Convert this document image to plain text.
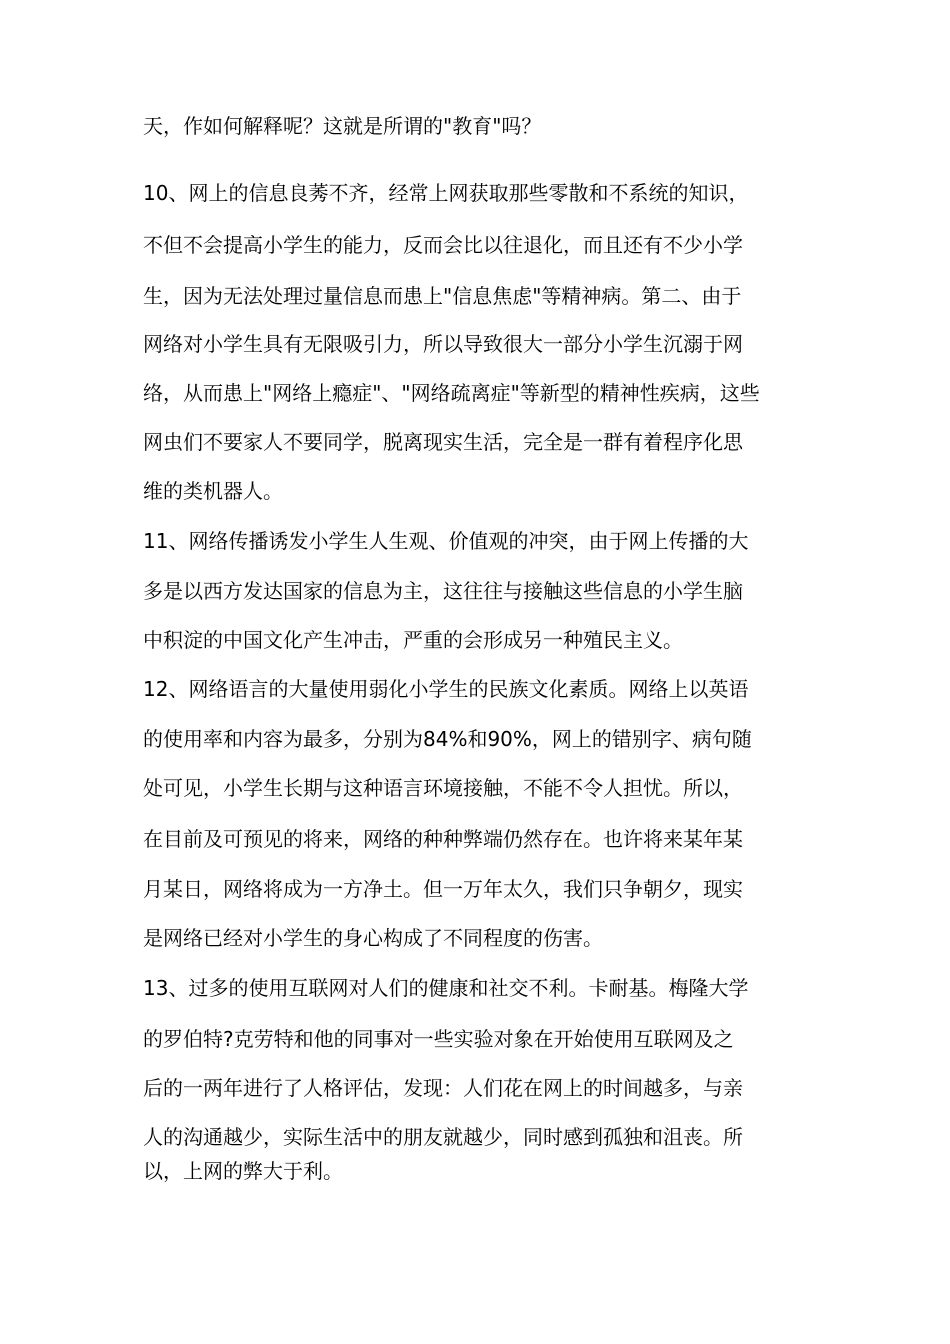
天，作如何解释呢？这就是所谓的"教育"吗？
10、网上的信息良莠不齐，经常上网获取那些零散和不系统的知识，
不但不会提高小学生的能力，反而会比以往退化，而且还有不少小学
生，因为无法处理过量信息而患上"信息焦虑"等精神病。第二、由于
网络对小学生具有无限吸引力，所以导致很大一部分小学生沉溺于网
络，从而患上"网络上瘾症"、"网络疏离症"等新型的精神性疾病，这些
网虫们不要家人不要同学，脱离现实生活，完全是一群有着程序化思
维的类机器人。
11、网络传播诱发小学生人生观、价值观的冲突，由于网上传播的大
多是以西方发达国家的信息为主，这往往与接触这些信息的小学生脑
中积淀的中国文化产生冲击，严重的会形成另一种殖民主义。
12、网络语言的大量使用弱化小学生的民族文化素质。网络上以英语
的使用率和内容为最多，分别为84%和90%，网上的错别字、病句随
处可见，小学生长期与这种语言环境接触，不能不令人担忧。所以，
在目前及可预见的将来，网络的种种弊端仍然存在。也许将来某年某
月某日，网络将成为一方净土。但一万年太久，我们只争朝夕，现实
是网络已经对小学生的身心构成了不同程度的伤害。
13、过多的使用互联网对人们的健康和社交不利。卡耐基。梅隆大学
的罗伯特?克劳特和他的同事对一些实验对象在开始使用互联网及之
后的一两年进行了人格评估，发现：人们花在网上的时间越多，与亲
人的沟通越少，实际生活中的朋友就越少，同时感到孤独和沮丧。所
以，上网的弊大于利。
